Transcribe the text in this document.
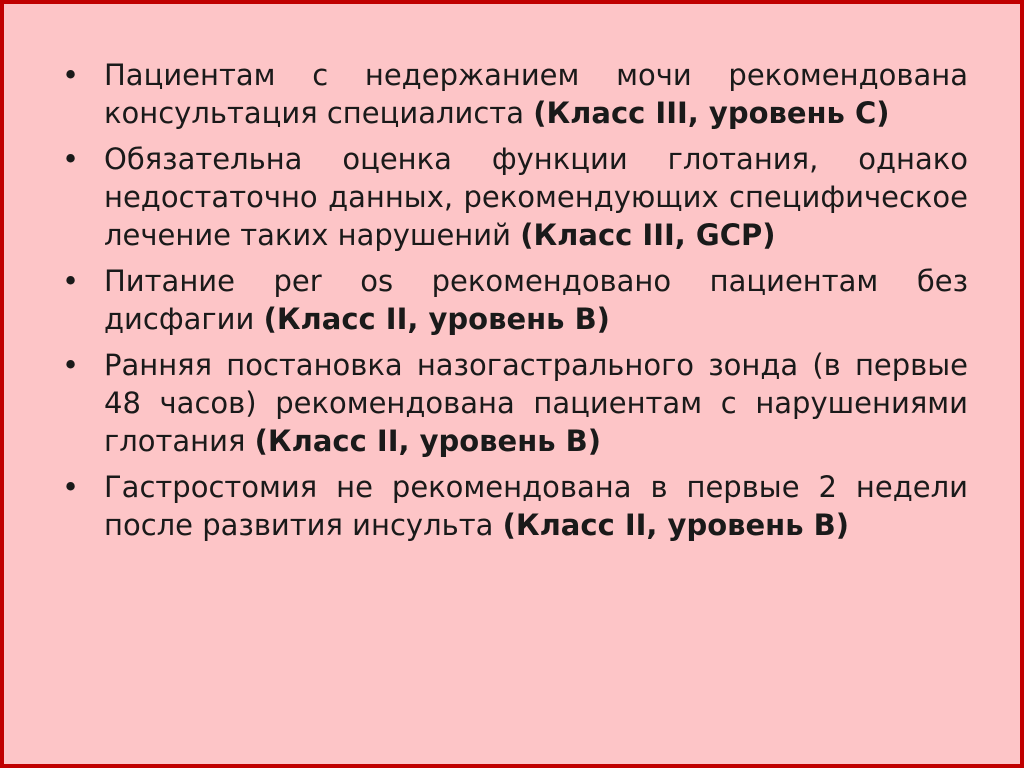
• Пациентам с недержанием мочи рекомендована консультация специалиста (Класс III, уровень С)
• Обязательна оценка функции глотания, однако недостаточно данных, рекомендующих специфическое лечение таких нарушений (Класс III, GCP)
• Питание per os рекомендовано пациентам без дисфагии (Класс II, уровень В)
• Ранняя постановка назогастрального зонда (в первые 48 часов) рекомендована пациентам с нарушениями глотания (Класс II, уровень В)
• Гастростомия не рекомендована в первые 2 недели после развития инсульта (Класс II, уровень В)
